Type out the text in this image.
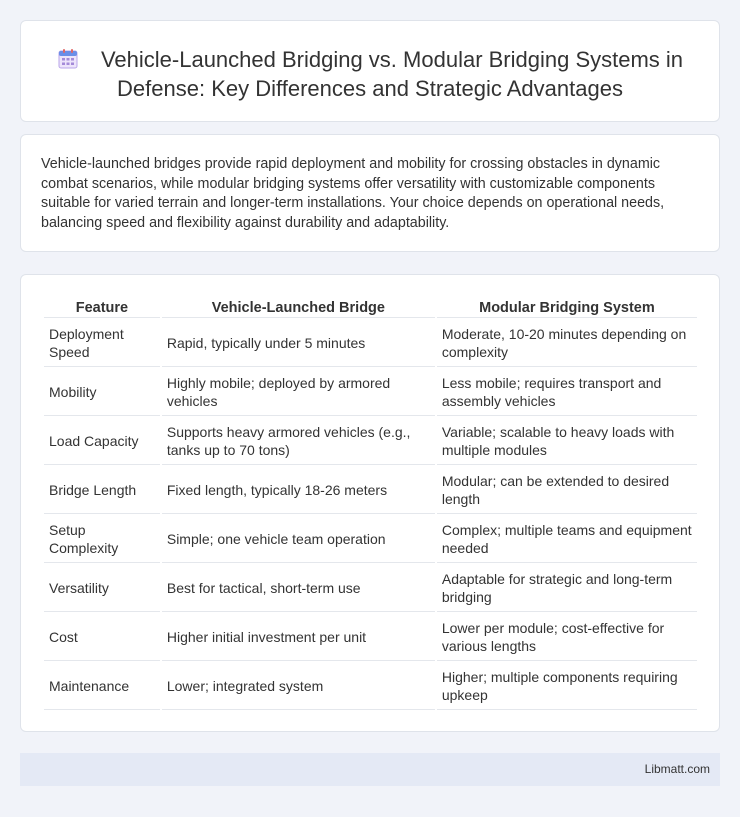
Vehicle-Launched Bridging vs. Modular Bridging Systems in Defense: Key Differences and Strategic Advantages

Vehicle-launched bridges provide rapid deployment and mobility for crossing obstacles in dynamic combat scenarios, while modular bridging systems offer versatility with customizable components suitable for varied terrain and longer-term installations. Your choice depends on operational needs, balancing speed and flexibility against durability and adaptability.

Feature	Vehicle-Launched Bridge	Modular Bridging System
Deployment Speed	Rapid, typically under 5 minutes	Moderate, 10-20 minutes depending on complexity
Mobility	Highly mobile; deployed by armored vehicles	Less mobile; requires transport and assembly vehicles
Load Capacity	Supports heavy armored vehicles (e.g., tanks up to 70 tons)	Variable; scalable to heavy loads with multiple modules
Bridge Length	Fixed length, typically 18-26 meters	Modular; can be extended to desired length
Setup Complexity	Simple; one vehicle team operation	Complex; multiple teams and equipment needed
Versatility	Best for tactical, short-term use	Adaptable for strategic and long-term bridging
Cost	Higher initial investment per unit	Lower per module; cost-effective for various lengths
Maintenance	Lower; integrated system	Higher; multiple components requiring upkeep
Libmatt.com
